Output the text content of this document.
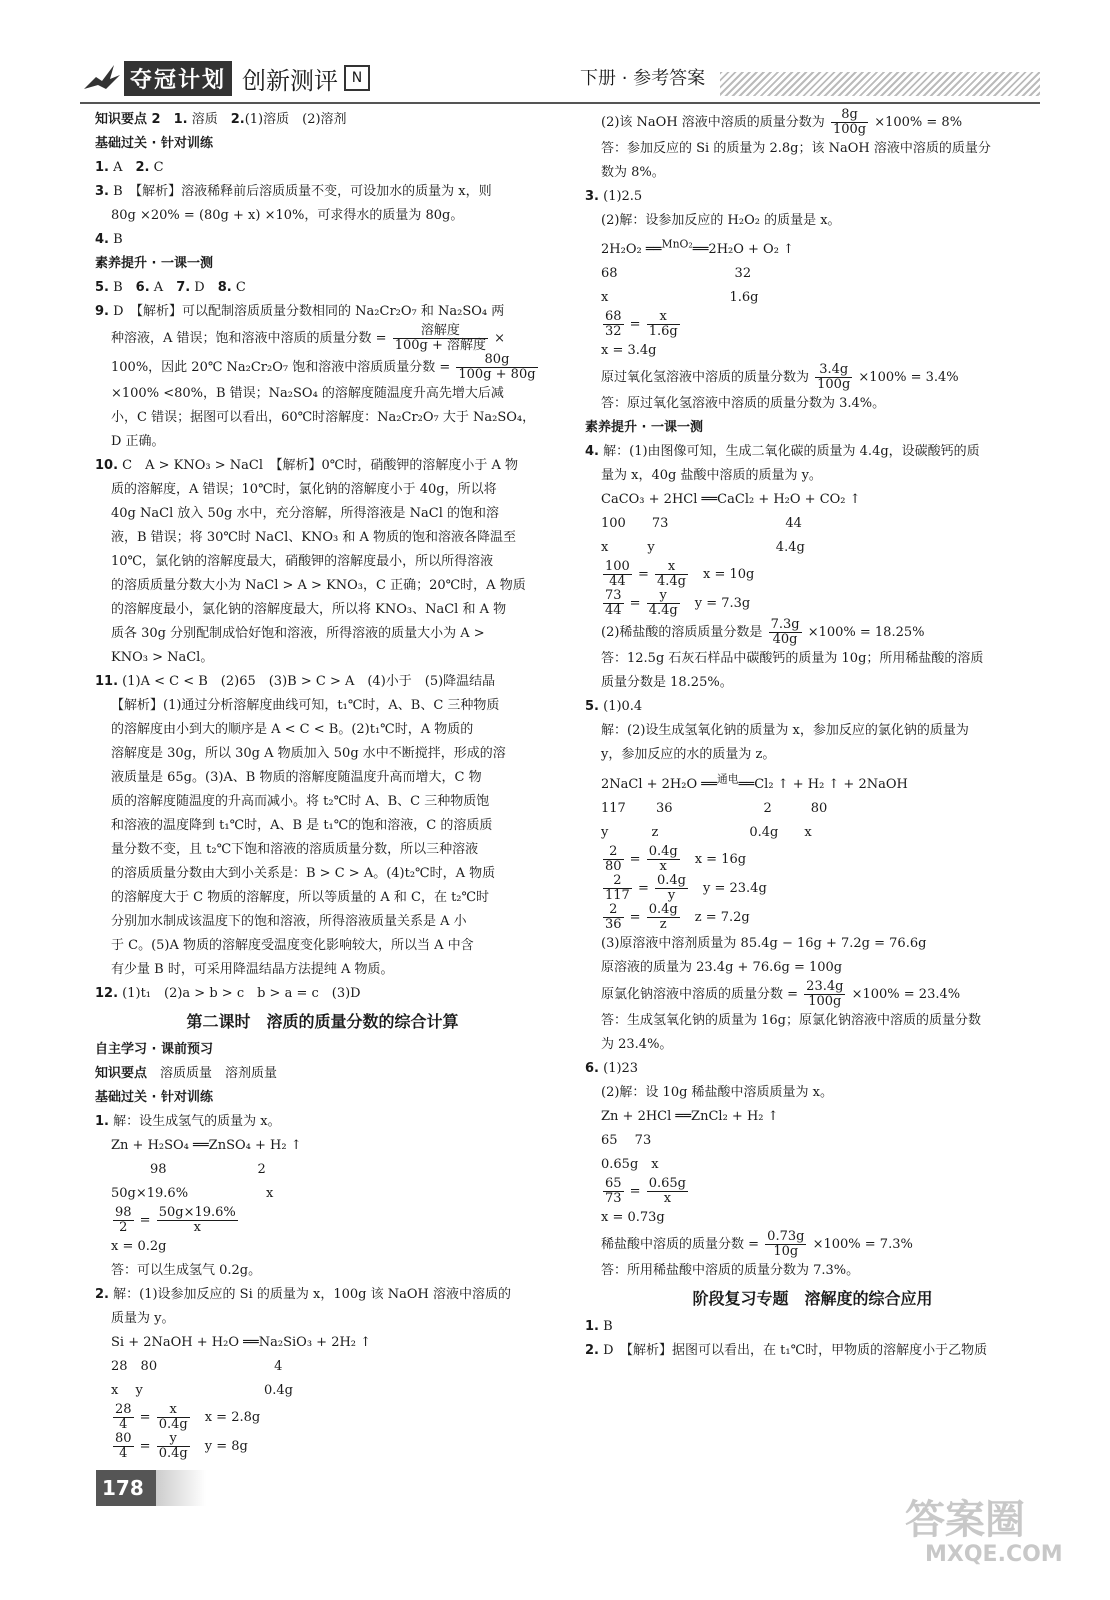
夺冠计划 创新测评 N	下册 · 参考答案
知识要点 2　 1. 溶质　2.(1)溶质　(2)溶剂
基础过关 · 针对训练
1. A　2. C
3. B　【解析】溶液稀释前后溶质质量不变，可设加水的质量为 x，则
80g ×20% = (80g + x) ×10%，可求得水的质量为 80g。
4. B
素养提升 · 一课一测
5. B　6. A　7. D　8. C
9. D　【解析】可以配制溶质质量分数相同的 Na₂Cr₂O₇ 和 Na₂SO₄ 两
种溶液，A 错误；饱和溶液中溶质的质量分数 = $\frac{\text{溶解度}}{\text{100g + 溶解度}}$ ×
100%，因此 20℃ Na₂Cr₂O₇ 饱和溶液中溶质质量分数 = $\frac{80g}{100g + 80g}$
×100% <80%，B 错误；Na₂SO₄ 的溶解度随温度升高先增大后减
小，C 错误；据图可以看出，60℃时溶解度：Na₂Cr₂O₇ 大于 Na₂SO₄，
D 正确。
10. C　A > KNO₃ > NaCl　【解析】0℃时，硝酸钾的溶解度小于 A 物
质的溶解度，A 错误；10℃时，氯化钠的溶解度小于 40g，所以将
40g NaCl 放入 50g 水中，充分溶解，所得溶液是 NaCl 的饱和溶
液，B 错误；将 30℃时 NaCl、KNO₃ 和 A 物质的饱和溶液各降温至
10℃，氯化钠的溶解度最大，硝酸钾的溶解度最小，所以所得溶液
的溶质质量分数大小为 NaCl > A > KNO₃，C 正确；20℃时，A 物质
的溶解度最小，氯化钠的溶解度最大，所以将 KNO₃、NaCl 和 A 物
质各 30g 分别配制成恰好饱和溶液，所得溶液的质量大小为 A >
KNO₃ > NaCl。
11. (1)A < C < B　(2)65　(3)B > C > A　(4)小于　(5)降温结晶
【解析】(1)通过分析溶解度曲线可知，t₁℃时，A、B、C 三种物质
的溶解度由小到大的顺序是 A < C < B。(2)t₁℃时，A 物质的
溶解度是 30g，所以 30g A 物质加入 50g 水中不断搅拌，形成的溶
液质量是 65g。(3)A、B 物质的溶解度随温度升高而增大，C 物
质的溶解度随温度的升高而减小。将 t₂℃时 A、B、C 三种物质饱
和溶液的温度降到 t₁℃时，A、B 是 t₁℃的饱和溶液，C 的溶质质
量分数不变，且 t₂℃下饱和溶液的溶质质量分数，所以三种溶液
的溶质质量分数由大到小关系是：B > C > A。(4)t₂℃时，A 物质
的溶解度大于 C 物质的溶解度，所以等质量的 A 和 C，在 t₂℃时
分别加水制成该温度下的饱和溶液，所得溶液质量关系是 A 小
于 C。(5)A 物质的溶解度受温度变化影响较大，所以当 A 中含
有少量 B 时，可采用降温结晶方法提纯 A 物质。
12. (1)t₁　(2)a > b > c　b > a = c　(3)D
第二课时　溶质的质量分数的综合计算
自主学习 · 课前预习
知识要点　溶质质量　溶剂质量
基础过关 · 针对训练
1. 解：设生成氢气的质量为 x。
Zn + H₂SO₄ ══ZnSO₄ + H₂ ↑
　　　98　　　　　　　2
50g×19.6%　　　　　　x
$\frac{98}{2} = \frac{50g\times 19.6\%}{x}$
x = 0.2g
答：可以生成氢气 0.2g。
2. 解：(1)设参加反应的 Si 的质量为 x，100g 该 NaOH 溶液中溶质的
质量为 y。
Si + 2NaOH + H₂O ══Na₂SiO₃ + 2H₂ ↑
28　80　　　　　　　　　4
x　 y　　　　　　　　　 0.4g
$\frac{28}{4} = \frac{x}{0.4g}$ 　x = 2.8g
$\frac{80}{4} = \frac{y}{0.4g}$ 　y = 8g
(2)该 NaOH 溶液中溶质的质量分数为 $\frac{8g}{100g} \times 100\% = 8\%$
答：参加反应的 Si 的质量为 2.8g；该 NaOH 溶液中溶质的质量分
数为 8%。
3. (1)2.5
(2)解：设参加反应的 H₂O₂ 的质量是 x。
2H₂O₂ ══$^{MnO_2}$══2H₂O + O₂ ↑
68　　　　　　　　　32
x　　　　　　　　　 1.6g
$\frac{68}{32} = \frac{x}{1.6g}$
x = 3.4g
原过氧化氢溶液中溶质的质量分数为 $\frac{3.4g}{100g} \times 100\% = 3.4\%$
答：原过氧化氢溶液中溶质的质量分数为 3.4%。
素养提升 · 一课一测
4. 解：(1)由图像可知，生成二氧化碳的质量为 4.4g，设碳酸钙的质
量为 x，40g 盐酸中溶质的质量为 y。
CaCO₃ + 2HCl ══CaCl₂ + H₂O + CO₂ ↑
100　　73　　　　　　　　　44
x　　　y　　　　　　　　　 4.4g
$\frac{100}{44} = \frac{x}{4.4g}$ 　x = 10g
$\frac{73}{44} = \frac{y}{4.4g}$ 　y = 7.3g
(2)稀盐酸的溶质质量分数是 $\frac{7.3g}{40g} \times 100\% = 18.25\%$
答：12.5g 石灰石样品中碳酸钙的质量为 10g；所用稀盐酸的溶质
质量分数是 18.25%。
5. (1)0.4
解：(2)设生成氢氧化钠的质量为 x，参加反应的氯化钠的质量为
y，参加反应的水的质量为 z。
2NaCl + 2H₂O ══$^{通电}$══Cl₂ ↑ + H₂ ↑ + 2NaOH
117　　 36　　　　　　　2　　　80
y　　　 z　　　　　　　0.4g　　x
$\frac{2}{80} = \frac{0.4g}{x}$ 　x = 16g
$\frac{2}{117} = \frac{0.4g}{y}$ 　y = 23.4g
$\frac{2}{36} = \frac{0.4g}{z}$ 　z = 7.2g
(3)原溶液中溶剂质量为 85.4g − 16g + 7.2g = 76.6g
原溶液的质量为 23.4g + 76.6g = 100g
原氯化钠溶液中溶质的质量分数 = $\frac{23.4g}{100g} \times 100\% = 23.4\%$
答：生成氢氧化钠的质量为 16g；原氯化钠溶液中溶质的质量分数
为 23.4%。
6. (1)23
(2)解：设 10g 稀盐酸中溶质质量为 x。
Zn + 2HCl ══ZnCl₂ + H₂ ↑
65　 73
0.65g　x
$\frac{65}{73} = \frac{0.65g}{x}$
x = 0.73g
稀盐酸中溶质的质量分数 = $\frac{0.73g}{10g} \times 100\% = 7.3\%$
答：所用稀盐酸中溶质的质量分数为 7.3%。
阶段复习专题　溶解度的综合应用
1. B
2. D　【解析】据图可以看出，在 t₁℃时，甲物质的溶解度小于乙物质
178
答案圈
MXQE.COM
